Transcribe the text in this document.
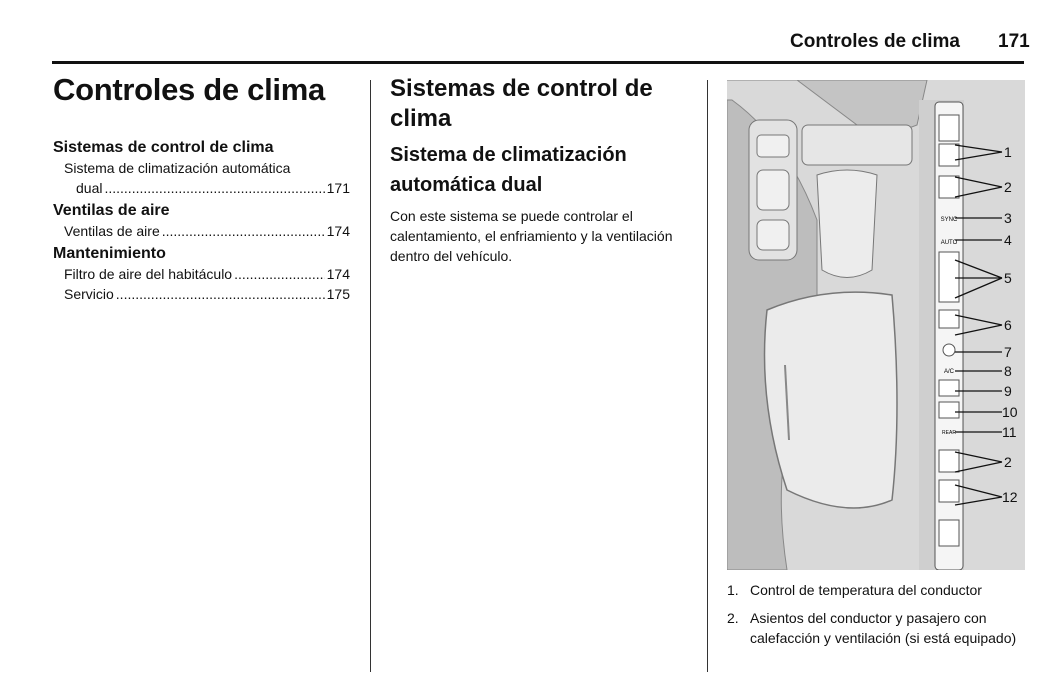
Controles de clima 171
Controles de clima
Sistemas de control de clima
Sistema de climatización automática
dual .....	171
Ventilas de aire
Ventilas de aire .....	174
Mantenimiento
Filtro de aire del habitáculo .....	174
Servicio .....	175
Sistemas de control de clima
Sistema de climatización
automática dual
Con este sistema se puede controlar el calentamiento, el enfriamiento y la ventilación dentro del vehículo.
SYNC
AUTO
A/C
REAR
1
2
3
4
5
6
7
8
9
10
11
2
12
1. Control de temperatura del conductor
2. Asientos del conductor y pasajero con calefacción y ventilación (si está equipado)
